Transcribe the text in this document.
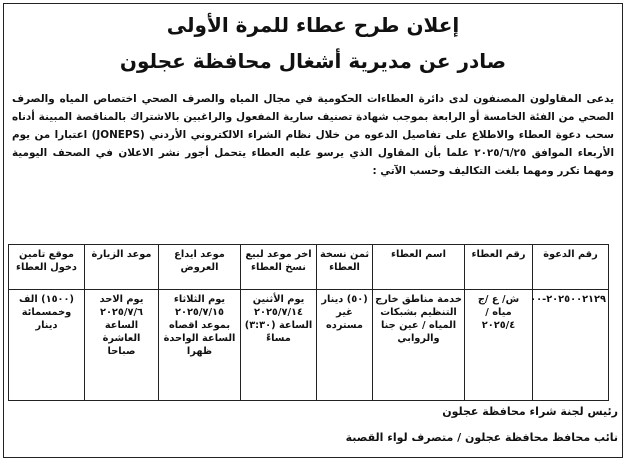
إعلان طرح عطاء للمرة الأولى
صادر عن مديرية أشغال محافظة عجلون

يدعى المقاولون المصنفون لدى دائرة العطاءات الحكومية في مجال المياه والصرف الصحي اختصاص المياه والصرف الصحي من الفئة الخامسة أو الرابعة بموجب شهادة تصنيف سارية المفعول والراغبين بالاشتراك بالمناقصة المبينة أدناه سحب دعوة العطاء والاطلاع على تفاصيل الدعوه من خلال نظام الشراء الالكتروني الأردني (JONEPS) اعتبارا من يوم الأربعاء الموافق ٢٠٢٥/٦/٢٥ علما بأن المقاول الذي يرسو عليه العطاء يتحمل أجور نشر الاعلان في الصحف اليومية ومهما تكرر ومهما بلغت التكاليف وحسب الآتي :

رقم الدعوة	رقم العطاء	اسم العطاء	ثمن نسخة العطاء	اخر موعد لبيع نسخ العطاء	موعد ايداع العروض	موعد الزيارة	موقع تامين دخول العطاء
٢٠٢٥٠٠٢١٢٩-٠٠	ش/ ع /ج مياه / ٢٠٢٥/٤	خدمة مناطق خارج التنظيم بشبكات المياه / عين جنا والروابي	(٥٠) دينار غير مسترده	يوم الأثنين ٢٠٢٥/٧/١٤ الساعة (٣:٣٠) مساءً	يوم الثلاثاء ٢٠٢٥/٧/١٥ بموعد اقصاه الساعة الواحدة ظهرا	يوم الاحد ٢٠٢٥/٧/٦ الساعة العاشرة صباحا	(١٥٠٠) الف وخمسمائة دينار
رئيس لجنة شراء محافظة عجلون
نائب محافظ محافظة عجلون / متصرف لواء القصبة
